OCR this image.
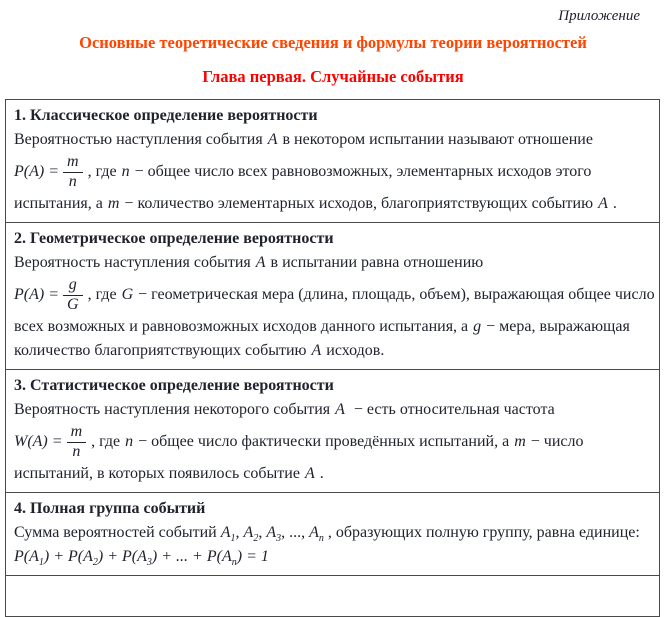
Приложение
Основные теоретические сведения и формулы теории вероятностей
Глава первая. Случайные события
1. Классическое определение вероятности
Вероятностью наступления события A в некотором испытании называют отношение
$P(A) = \frac{m}{n}$ , где n − общее число всех равновозможных, элементарных исходов этого
испытания, а m − количество элементарных исходов, благоприятствующих событию A .
2. Геометрическое определение вероятности
Вероятность наступления события A в испытании равна отношению
$P(A) = \frac{g}{G}$ , где G − геометрическая мера (длина, площадь, объем), выражающая общее число
всех возможных и равновозможных исходов данного испытания, а g − мера, выражающая
количество благоприятствующих событию A исходов.
3. Статистическое определение вероятности
Вероятность наступления некоторого события A − есть относительная частота
$W(A) = \frac{m}{n}$ , где n − общее число фактически проведённых испытаний, а m − число
испытаний, в которых появилось событие A .
4. Полная группа событий
Сумма вероятностей событий $A_1$, $A_2$, $A_3$, ..., $A_n$ , образующих полную группу, равна единице:
$P(A_1) + P(A_2) + P(A_3)$ + ... + $P(A_n) = 1$
